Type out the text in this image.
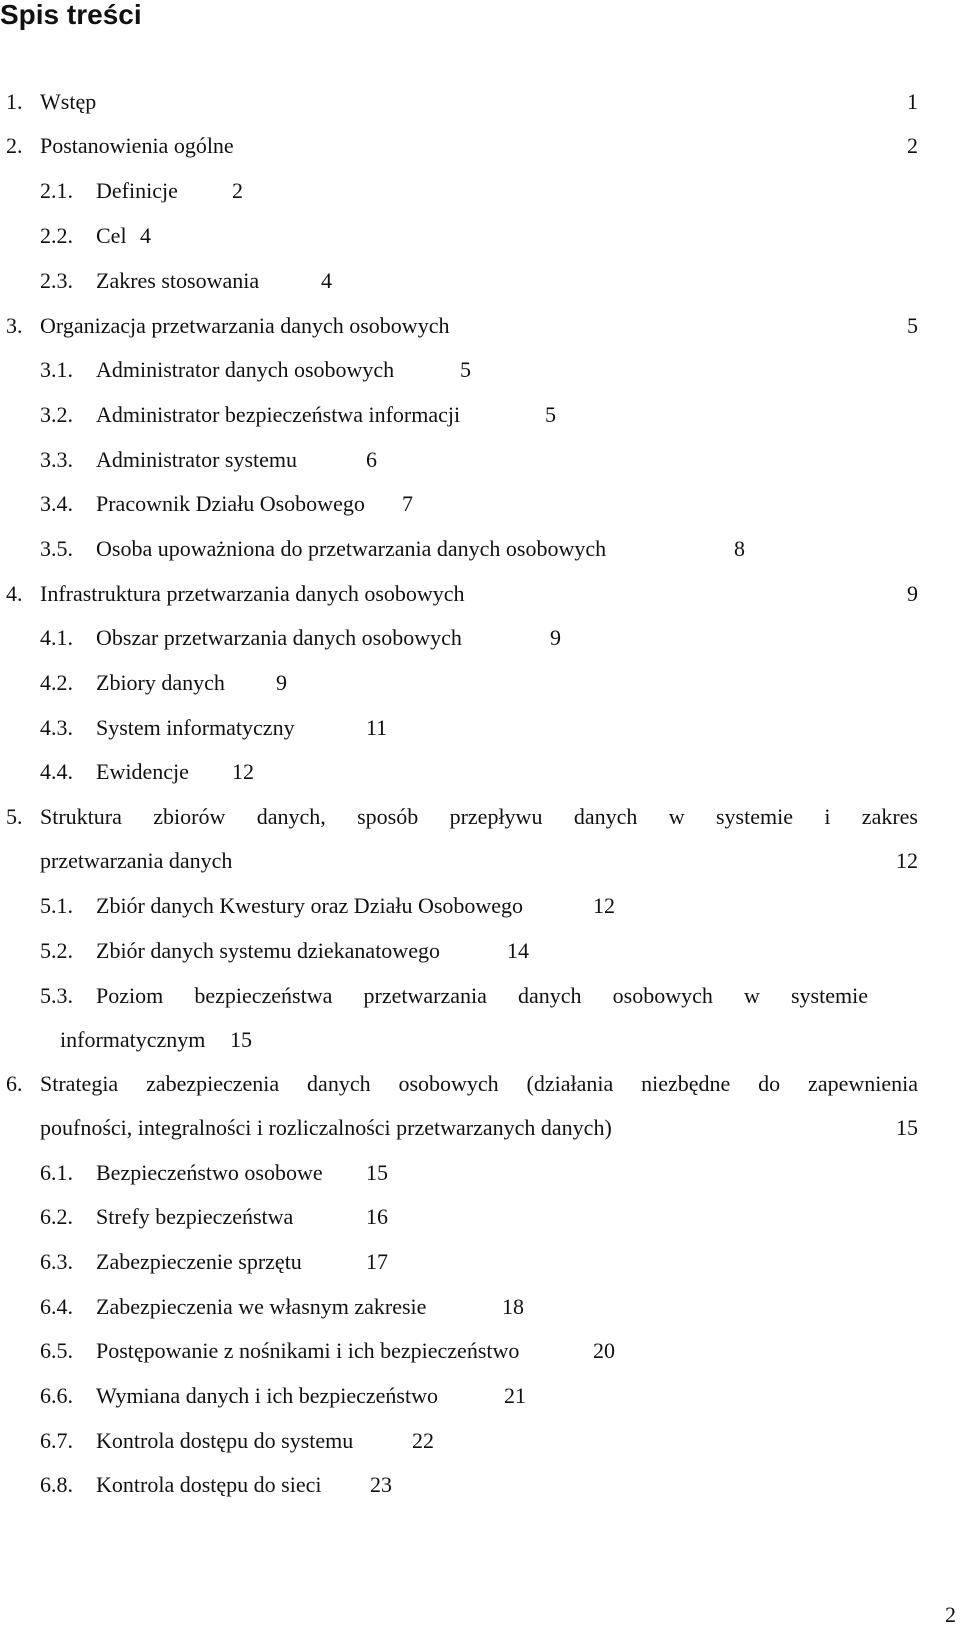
Spis treści
1. Wstęp	1
2. Postanowienia ogólne	2
2.1. Definicje 2
2.2. Cel 4
2.3. Zakres stosowania	4
3. Organizacja przetwarzania danych osobowych	5
3.1. Administrator danych osobowych	5
3.2. Administrator bezpieczeństwa informacji	5
3.3. Administrator systemu	6
3.4. Pracownik Działu Osobowego 7
3.5. Osoba upoważniona do przetwarzania danych osobowych	8
4. Infrastruktura przetwarzania danych osobowych	9
4.1. Obszar przetwarzania danych osobowych	9
4.2. Zbiory danych 9
4.3. System informatyczny	11
4.4. Ewidencje 12
5. Struktura zbiorów danych, sposób przepływu danych w systemie i zakres
przetwarzania danych	12
5.1. Zbiór danych Kwestury oraz Działu Osobowego	12
5.2. Zbiór danych systemu dziekanatowego	14
5.3. Poziom bezpieczeństwa przetwarzania danych osobowych w systemie
informatycznym 15
6. Strategia zabezpieczenia danych osobowych (działania niezbędne do zapewnienia
poufności, integralności i rozliczalności przetwarzanych danych)	15
6.1. Bezpieczeństwo osobowe 15
6.2. Strefy bezpieczeństwa	16
6.3. Zabezpieczenie sprzętu	17
6.4. Zabezpieczenia we własnym zakresie	18
6.5. Postępowanie z nośnikami i ich bezpieczeństwo	20
6.6. Wymiana danych i ich bezpieczeństwo	21
6.7. Kontrola dostępu do systemu	22
6.8. Kontrola dostępu do sieci 23
2
